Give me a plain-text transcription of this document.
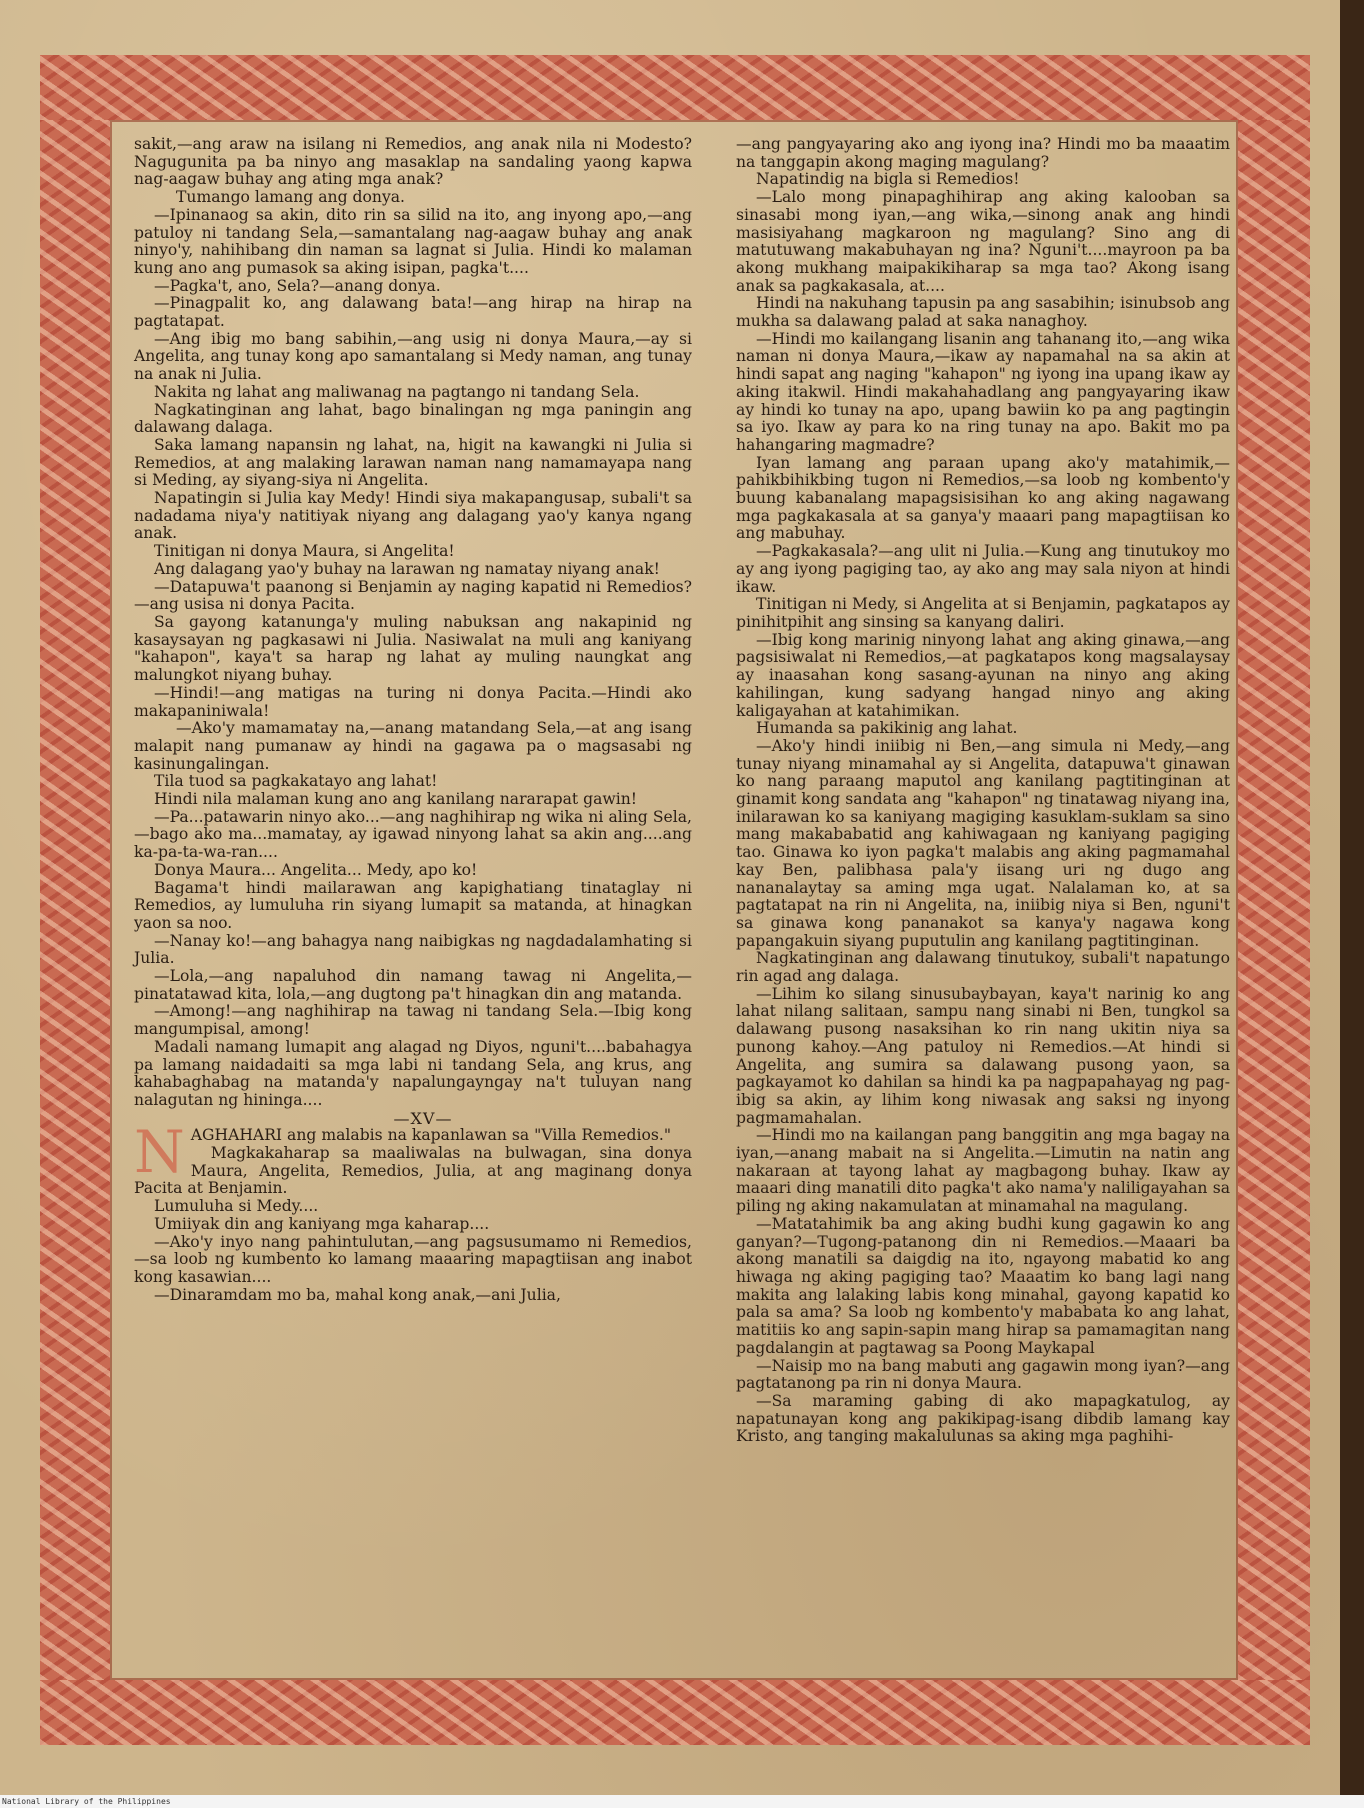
sakit,—ang araw na isilang ni Remedios, ang anak nila ni Modesto? Nagugunita pa ba ninyo ang masaklap na sandaling yaong kapwa nag-aagaw buhay ang ating mga anak?

Tumango lamang ang donya.

—Ipinanaog sa akin, dito rin sa silid na ito, ang inyong apo,—ang patuloy ni tandang Sela,—samantalang nag-aagaw buhay ang anak ninyo'y, nahihibang din naman sa lagnat si Julia. Hindi ko malaman kung ano ang pumasok sa aking isipan, pagka't....

—Pagka't, ano, Sela?—anang donya.

—Pinagpalit ko, ang dalawang bata!—ang hirap na hirap na pagtatapat.

—Ang ibig mo bang sabihin,—ang usig ni donya Maura,—ay si Angelita, ang tunay kong apo samantalang si Medy naman, ang tunay na anak ni Julia.

Nakita ng lahat ang maliwanag na pagtango ni tandang Sela.

Nagkatinginan ang lahat, bago binalingan ng mga paningin ang dalawang dalaga.

Saka lamang napansin ng lahat, na, higit na kawangki ni Julia si Remedios, at ang malaking larawan naman nang namamayapa nang si Meding, ay siyang-siya ni Angelita.

Napatingin si Julia kay Medy! Hindi siya makapangusap, subali't sa nadadama niya'y natitiyak niyang ang dalagang yao'y kanya ngang anak.

Tinitigan ni donya Maura, si Angelita!

Ang dalagang yao'y buhay na larawan ng namatay niyang anak!

—Datapuwa't paanong si Benjamin ay naging kapatid ni Remedios?—ang usisa ni donya Pacita.

Sa gayong katanunga'y muling nabuksan ang nakapinid ng kasaysayan ng pagkasawi ni Julia. Nasiwalat na muli ang kaniyang "kahapon", kaya't sa harap ng lahat ay muling naungkat ang malungkot niyang buhay.

—Hindi!—ang matigas na turing ni donya Pacita.—Hindi ako makapaniniwala!

—Ako'y mamamatay na,—anang matandang Sela,—at ang isang malapit nang pumanaw ay hindi na gagawa pa o magsasabi ng kasinungalingan.

Tila tuod sa pagkakatayo ang lahat!

Hindi nila malaman kung ano ang kanilang nararapat gawin!

—Pa...patawarin ninyo ako...—ang naghihirap ng wika ni aling Sela,—bago ako ma...mamatay, ay igawad ninyong lahat sa akin ang....ang ka-pa-ta-wa-ran....

Donya Maura... Angelita... Medy, apo ko!

Bagama't hindi mailarawan ang kapighatiang tinataglay ni Remedios, ay lumuluha rin siyang lumapit sa matanda, at hinagkan yaon sa noo.

—Nanay ko!—ang bahagya nang naibigkas ng nagdadalamhating si Julia.

—Lola,—ang napaluhod din namang tawag ni Angelita,—pinatatawad kita, lola,—ang dugtong pa't hinagkan din ang matanda.

—Among!—ang naghihirap na tawag ni tandang Sela.—Ibig kong mangumpisal, among!

Madali namang lumapit ang alagad ng Diyos, nguni't....babahagya pa lamang naidadaiti sa mga labi ni tandang Sela, ang krus, ang kahabaghabag na matanda'y napalungayngay na't tuluyan nang nalagutan ng hininga....

—XV—

N AGHAHARI ang malabis na kapanlawan sa "Villa Remedios."

Magkakaharap sa maaliwalas na bulwagan, sina donya Maura, Angelita, Remedios, Julia, at ang maginang donya Pacita at Benjamin.

Lumuluha si Medy....

Umiiyak din ang kaniyang mga kaharap....

—Ako'y inyo nang pahintulutan,—ang pagsusumamo ni Remedios,—sa loob ng kumbento ko lamang maaaring mapagtiisan ang inabot kong kasawian....

—Dinaramdam mo ba, mahal kong anak,—ani Julia,

—ang pangyayaring ako ang iyong ina? Hindi mo ba maaatim na tanggapin akong maging magulang?

Napatindig na bigla si Remedios!

—Lalo mong pinapaghihirap ang aking kalooban sa sinasabi mong iyan,—ang wika,—sinong anak ang hindi masisiyahang magkaroon ng magulang? Sino ang di matutuwang makabuhayan ng ina? Nguni't....mayroon pa ba akong mukhang maipakikiharap sa mga tao? Akong isang anak sa pagkakasala, at....

Hindi na nakuhang tapusin pa ang sasabihin; isinubsob ang mukha sa dalawang palad at saka nanaghoy.

—Hindi mo kailangang lisanin ang tahanang ito,—ang wika naman ni donya Maura,—ikaw ay napamahal na sa akin at hindi sapat ang naging "kahapon" ng iyong ina upang ikaw ay aking itakwil. Hindi makahahadlang ang pangyayaring ikaw ay hindi ko tunay na apo, upang bawiin ko pa ang pagtingin sa iyo. Ikaw ay para ko na ring tunay na apo. Bakit mo pa hahangaring magmadre?

Iyan lamang ang paraan upang ako'y matahimik,—pahikbihikbing tugon ni Remedios,—sa loob ng kombento'y buung kabanalang mapagsisisihan ko ang aking nagawang mga pagkakasala at sa ganya'y maaari pang mapagtiisan ko ang mabuhay.

—Pagkakasala?—ang ulit ni Julia.—Kung ang tinutukoy mo ay ang iyong pagiging tao, ay ako ang may sala niyon at hindi ikaw.

Tinitigan ni Medy, si Angelita at si Benjamin, pagkatapos ay pinihitpihit ang sinsing sa kanyang daliri.

—Ibig kong marinig ninyong lahat ang aking ginawa,—ang pagsisiwalat ni Remedios,—at pagkatapos kong magsalaysay ay inaasahan kong sasang-ayunan na ninyo ang aking kahilingan, kung sadyang hangad ninyo ang aking kaligayahan at katahimikan.

Humanda sa pakikinig ang lahat.

—Ako'y hindi iniibig ni Ben,—ang simula ni Medy,—ang tunay niyang minamahal ay si Angelita, datapuwa't ginawan ko nang paraang maputol ang kanilang pagtitinginan at ginamit kong sandata ang "kahapon" ng tinatawag niyang ina, inilarawan ko sa kaniyang magiging kasuklam-suklam sa sino mang makababatid ang kahiwagaan ng kaniyang pagiging tao. Ginawa ko iyon pagka't malabis ang aking pagmamahal kay Ben, palibhasa pala'y iisang uri ng dugo ang nananalaytay sa aming mga ugat. Nalalaman ko, at sa pagtatapat na rin ni Angelita, na, iniibig niya si Ben, nguni't sa ginawa kong pananakot sa kanya'y nagawa kong papangakuin siyang puputulin ang kanilang pagtitinginan.

Nagkatinginan ang dalawang tinutukoy, subali't napatungo rin agad ang dalaga.

—Lihim ko silang sinusubaybayan, kaya't narinig ko ang lahat nilang salitaan, sampu nang sinabi ni Ben, tungkol sa dalawang pusong nasaksihan ko rin nang ukitin niya sa punong kahoy.—Ang patuloy ni Remedios.—At hindi si Angelita, ang sumira sa dalawang pusong yaon, sa pagkayamot ko dahilan sa hindi ka pa nagpapahayag ng pag-ibig sa akin, ay lihim kong niwasak ang saksi ng inyong pagmamahalan.

—Hindi mo na kailangan pang banggitin ang mga bagay na iyan,—anang mabait na si Angelita.—Limutin na natin ang nakaraan at tayong lahat ay magbagong buhay. Ikaw ay maaari ding manatili dito pagka't ako nama'y naliligayahan sa piling ng aking nakamulatan at minamahal na magulang.

—Matatahimik ba ang aking budhi kung gagawin ko ang ganyan?—Tugong-patanong din ni Remedios.—Maaari ba akong manatili sa daigdig na ito, ngayong mabatid ko ang hiwaga ng aking pagiging tao? Maaatim ko bang lagi nang makita ang lalaking labis kong minahal, gayong kapatid ko pala sa ama? Sa loob ng kombento'y mababata ko ang lahat, matitiis ko ang sapin-sapin mang hirap sa pamamagitan nang pagdalangin at pagtawag sa Poong Maykapal

—Naisip mo na bang mabuti ang gagawin mong iyan?—ang pagtatanong pa rin ni donya Maura.

—Sa maraming gabing di ako mapagkatulog, ay napatunayan kong ang pakikipag-isang dibdib lamang kay Kristo, ang tanging makalulunas sa aking mga paghihi-

National Library of the Philippines
